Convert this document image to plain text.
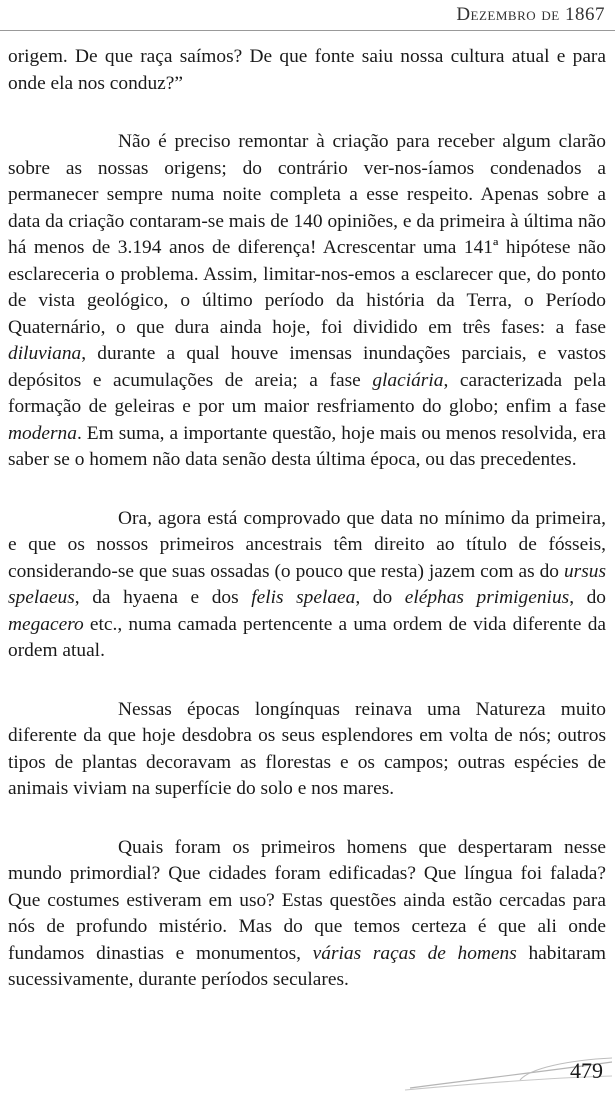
Dezembro de 1867

origem. De que raça saímos? De que fonte saiu nossa cultura atual e para onde ela nos conduz?”

Não é preciso remontar à criação para receber algum clarão sobre as nossas origens; do contrário ver-nos-íamos condenados a permanecer sempre numa noite completa a esse respeito. Apenas sobre a data da criação contaram-se mais de 140 opiniões, e da primeira à última não há menos de 3.194 anos de diferença! Acrescentar uma 141ª hipótese não esclareceria o problema. Assim, limitar-nos-emos a esclarecer que, do ponto de vista geológico, o último período da história da Terra, o Período Quaternário, o que dura ainda hoje, foi dividido em três fases: a fase diluviana, durante a qual houve imensas inundações parciais, e vastos depósitos e acumulações de areia; a fase glaciária, caracterizada pela formação de geleiras e por um maior resfriamento do globo; enfim a fase moderna. Em suma, a importante questão, hoje mais ou menos resolvida, era saber se o homem não data senão desta última época, ou das precedentes.

Ora, agora está comprovado que data no mínimo da primeira, e que os nossos primeiros ancestrais têm direito ao título de fósseis, considerando-se que suas ossadas (o pouco que resta) jazem com as do ursus spelaeus, da hyaena e dos felis spelaea, do eléphas primigenius, do megacero etc., numa camada pertencente a uma ordem de vida diferente da ordem atual.

Nessas épocas longínquas reinava uma Natureza muito diferente da que hoje desdobra os seus esplendores em volta de nós; outros tipos de plantas decoravam as florestas e os campos; outras espécies de animais viviam na superfície do solo e nos mares.

Quais foram os primeiros homens que despertaram nesse mundo primordial? Que cidades foram edificadas? Que língua foi falada? Que costumes estiveram em uso? Estas questões ainda estão cercadas para nós de profundo mistério. Mas do que temos certeza é que ali onde fundamos dinastias e monumentos, várias raças de homens habitaram sucessivamente, durante períodos seculares.

479
